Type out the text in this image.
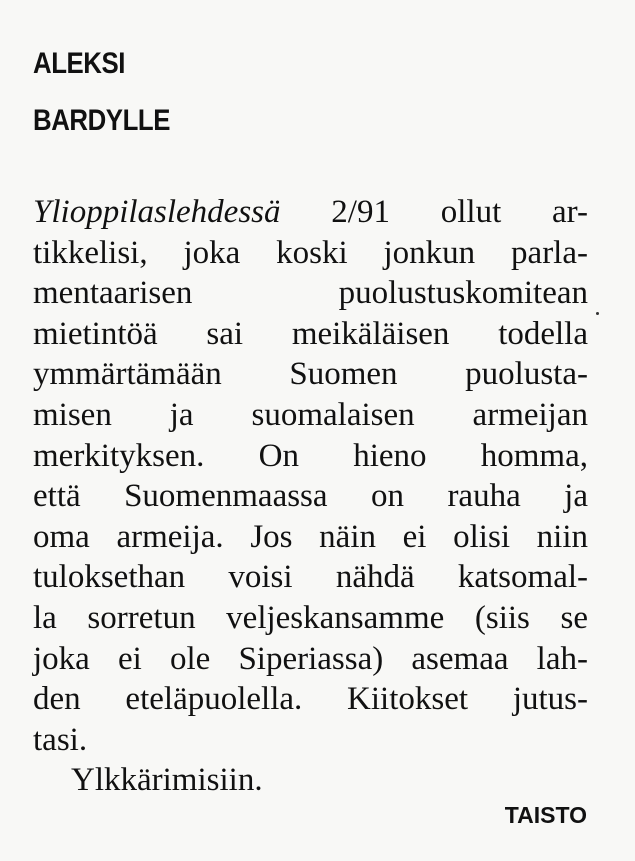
ALEKSI
BARDYLLE
Ylioppilaslehdessä 2/91 ollut ar-
tikkelisi, joka koski jonkun parla-
mentaarisen puolustuskomitean
mietintöä sai meikäläisen todella
ymmärtämään Suomen puolusta-
misen ja suomalaisen armeijan
merkityksen. On hieno homma,
että Suomenmaassa on rauha ja
oma armeija. Jos näin ei olisi niin
tuloksethan voisi nähdä katsomal-
la sorretun veljeskansamme (siis se
joka ei ole Siperiassa) asemaa lah-
den eteläpuolella. Kiitokset jutus-
tasi.
Ylkkärimisiin.
TAISTO
